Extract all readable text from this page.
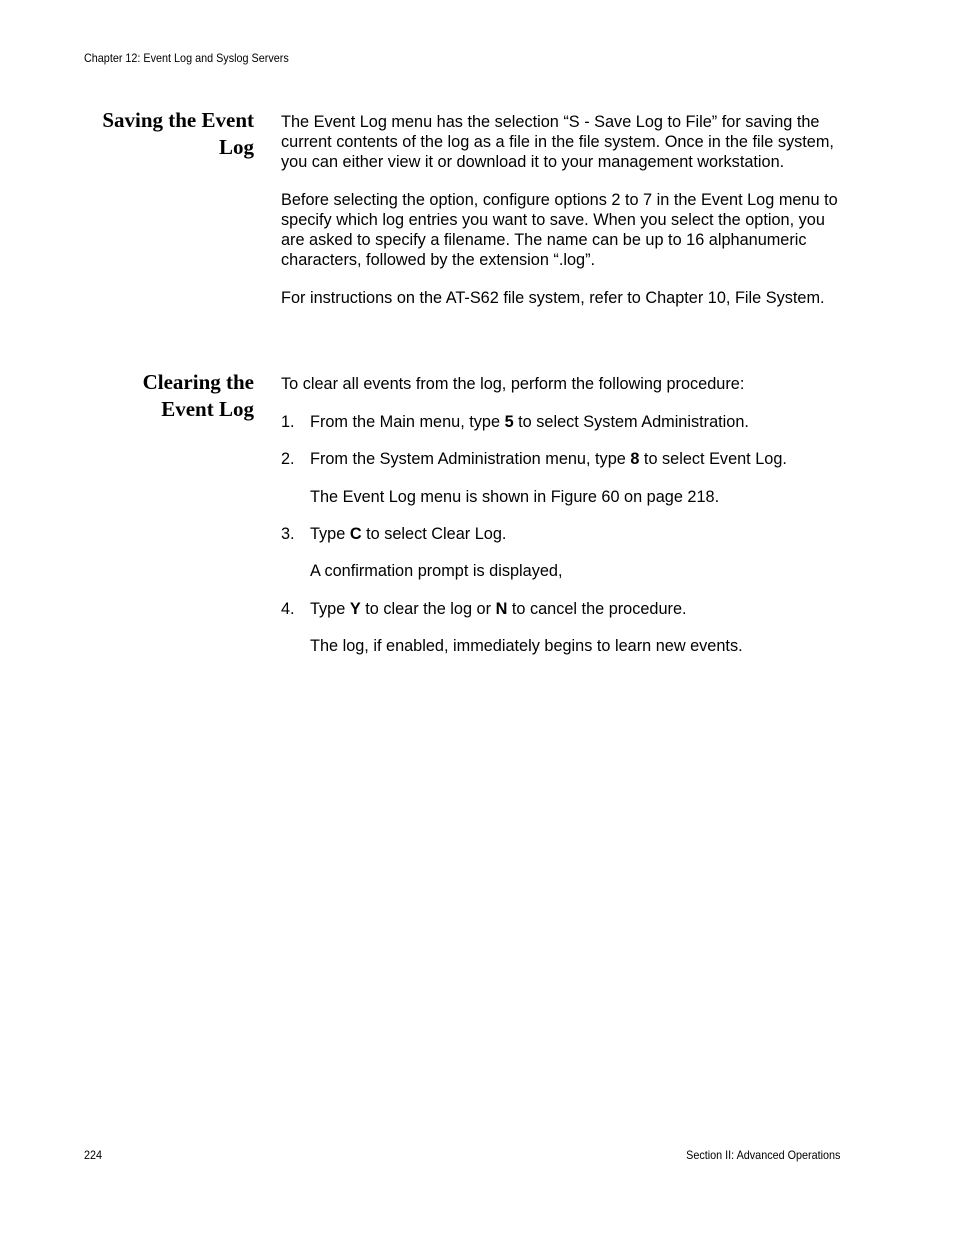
Chapter 12: Event Log and Syslog Servers
Saving the Event
Log

The Event Log menu has the selection “S - Save Log to File” for saving the current contents of the log as a file in the file system. Once in the file system, you can either view it or download it to your management workstation.

Before selecting the option, configure options 2 to 7 in the Event Log menu to specify which log entries you want to save. When you select the option, you are asked to specify a filename. The name can be up to 16 alphanumeric characters, followed by the extension “.log”.

For instructions on the AT-S62 file system, refer to Chapter 10, File System.

Clearing the
Event Log

To clear all events from the log, perform the following procedure:

1. From the Main menu, type 5 to select System Administration.
2. From the System Administration menu, type 8 to select Event Log.
The Event Log menu is shown in Figure 60 on page 218.
3. Type C to select Clear Log.
A confirmation prompt is displayed,
4. Type Y to clear the log or N to cancel the procedure.
The log, if enabled, immediately begins to learn new events.
224	Section II: Advanced Operations
